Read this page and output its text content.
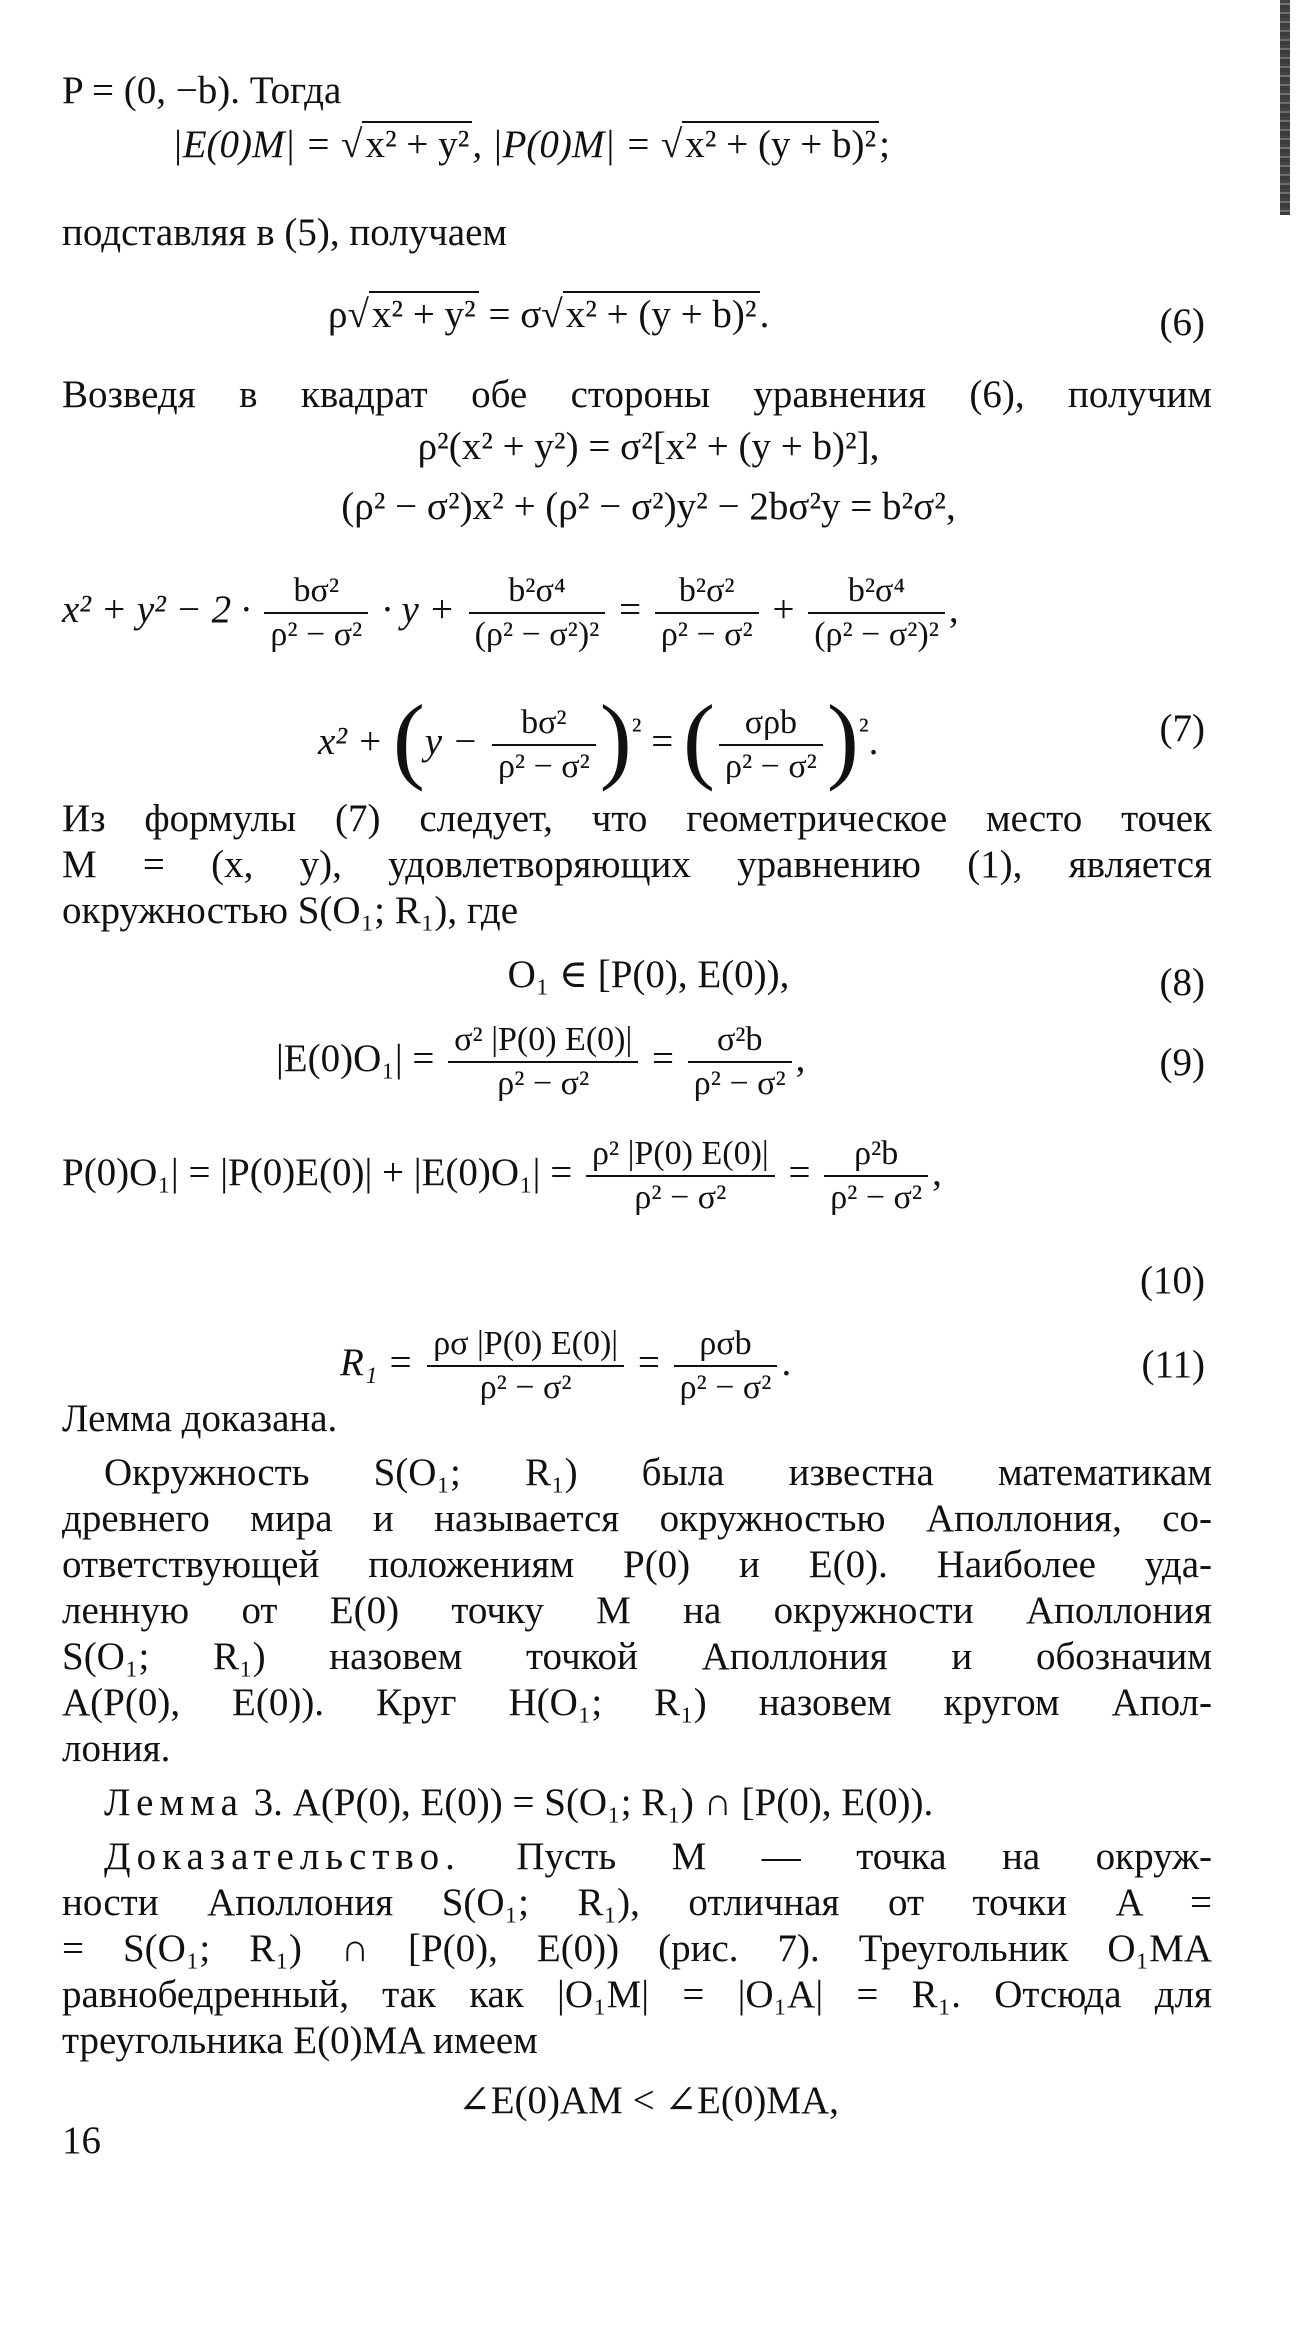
P = (0, −b). Тогда
|E(0)M| = √x² + y², |P(0)M| = √x² + (y + b)²;
подставляя в (5), получаем
ρ√x² + y² = σ√x² + (y + b)².	(6)
Возведя в квадрат обе стороны уравнения (6), получим
ρ²(x² + y²) = σ²[x² + (y + b)²],
(ρ² − σ²)x² + (ρ² − σ²)y² − 2bσ²y = b²σ²,
$x^2 + y^2 - 2 \cdot \frac{\text{bσ²}}{\text{ρ² − σ²}} \cdot y + \frac{\text{b²σ⁴}}{\text{(ρ² − σ²)²}} = \frac{\text{b²σ²}}{\text{ρ² − σ²}} + \frac{\text{b²σ⁴}}{\text{(ρ² − σ²)²}}$ ,
$x^2 + (y - \frac{\text{bσ²}}{\text{ρ² − σ²}} )^{^2}$ = ( σρb
ρ² − σ² )$^{^2}$.	(7)
Из формулы (7) следует, что геометрическое место точек
M = (x, y), удовлетворяющих уравнению (1), является
окружностью S(O₁; R₁), где
O₁ ∈ [P(0), E(0)),	(8)
$|E(0)O_1| = \frac{\text{σ² |P(0) E(0)|}}{\text{ρ² − σ²}} = \frac{\text{σ²b}}{\text{ρ² − σ²}}$ ,	(9)
$P(0)O_1| = |P(0)E(0)| + |E(0)O_1| = \frac{\text{ρ² |P(0) E(0)|}}{\text{ρ² − σ²}} = \frac{\text{ρ²b}}{\text{ρ² − σ²}}$ ,
(10)
$R_1 = \frac{\rho\sigma |P(0) E(0)|}{\text{ρ² − σ²}} = \rho\sigma b$
ρ² − σ²
.	(11)
Лемма доказана.
Окружность S(O₁; R₁) была известна математикам
древнего мира и называется окружностью Аполлония, со-
ответствующей положениям P(0) и E(0). Наиболее уда-
ленную от E(0) точку M на окружности Аполлония
S(O₁; R₁) назовем точкой Аполлония и обозначим
A(P(0), E(0)). Круг H(O₁; R₁) назовем кругом Апол-
лония.
Лемма 3. A(P(0), E(0)) = S(O₁; R₁) ∩ [P(0), E(0)).
Доказательство. Пусть M — точка на окруж-
ности Аполлония S(O₁; R₁), отличная от точки A =
= S(O₁; R₁) ∩ [P(0), E(0)) (рис. 7). Треугольник O₁MA
равнобедренный, так как |O₁M| = |O₁A| = R₁. Отсюда для
треугольника E(0)MA имеем
∠E(0)AM < ∠E(0)MA,
16
